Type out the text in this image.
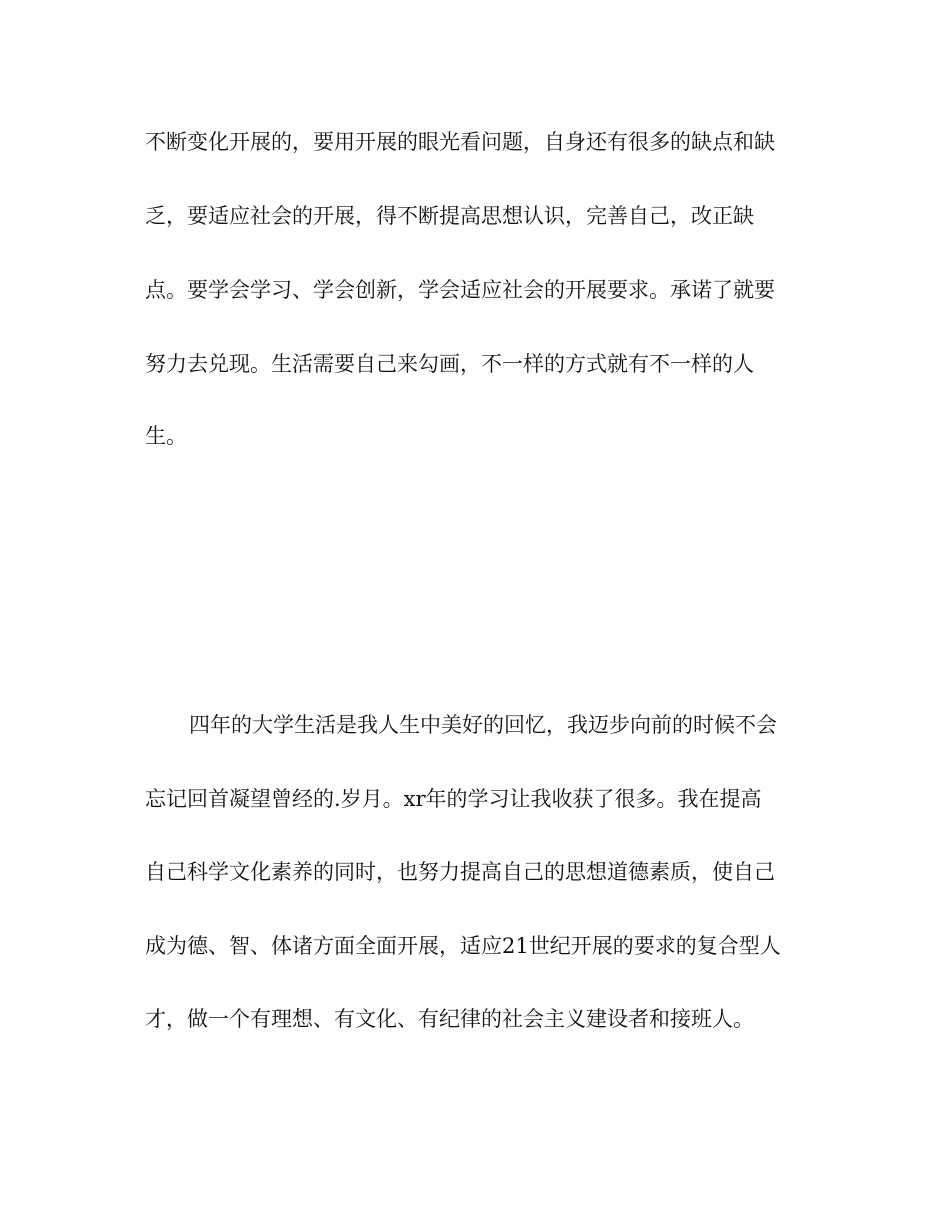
不断变化开展的，要用开展的眼光看问题，自身还有很多的缺点和缺
乏，要适应社会的开展，得不断提高思想认识，完善自己，改正缺
点。要学会学习、学会创新，学会适应社会的开展要求。承诺了就要
努力去兑现。生活需要自己来勾画，不一样的方式就有不一样的人
生。
四年的大学生活是我人生中美好的回忆，我迈步向前的时候不会
忘记回首凝望曾经的.岁月。xr年的学习让我收获了很多。我在提高
自己科学文化素养的同时，也努力提高自己的思想道德素质，使自己
成为德、智、体诸方面全面开展，适应21世纪开展的要求的复合型人
才，做一个有理想、有文化、有纪律的社会主义建设者和接班人。
